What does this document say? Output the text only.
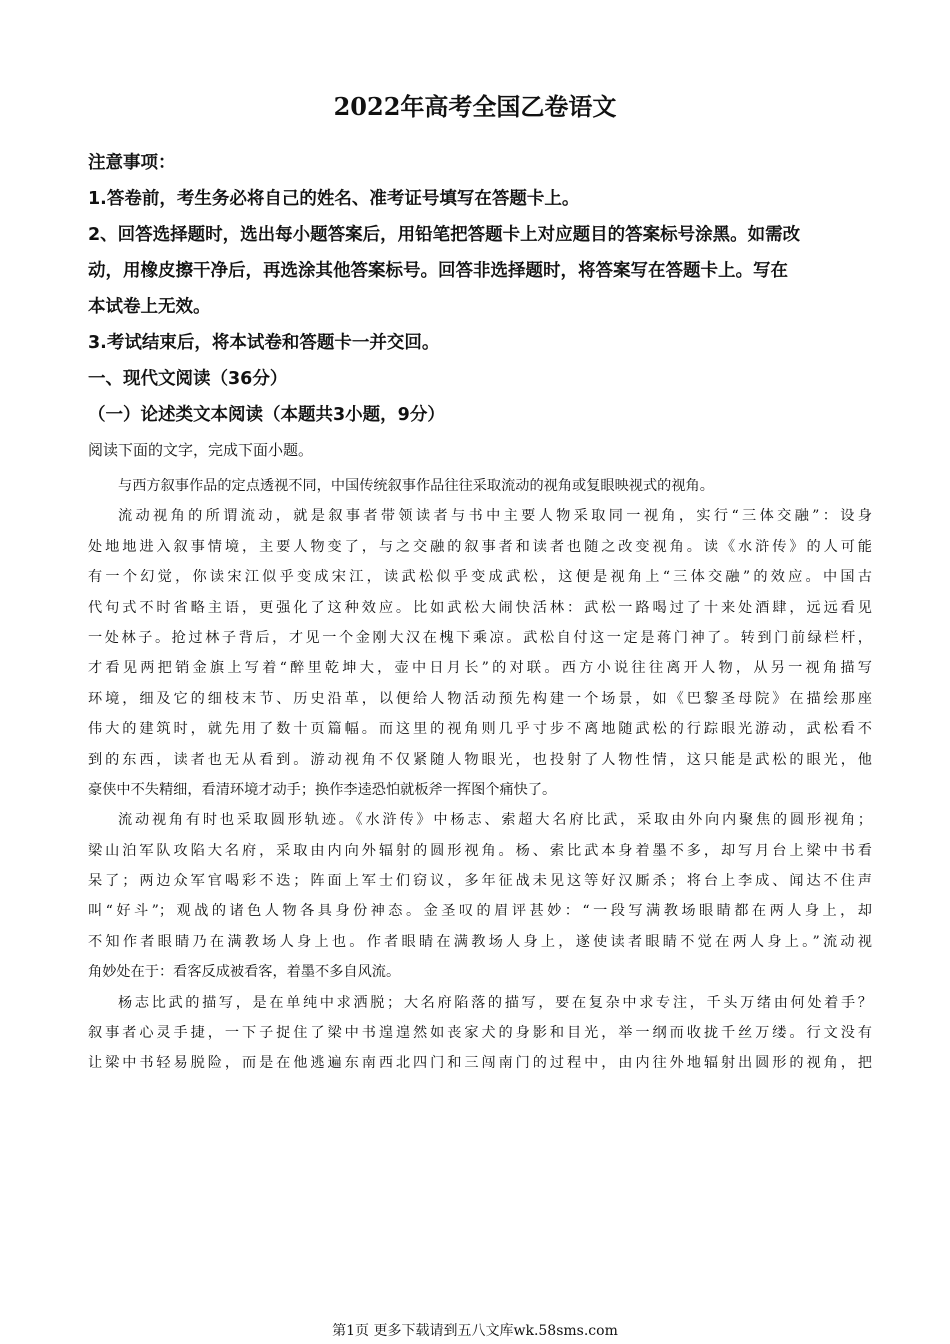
2022年高考全国乙卷语文
注意事项：
1.答卷前，考生务必将自己的姓名、准考证号填写在答题卡上。
2、回答选择题时，选出每小题答案后，用铅笔把答题卡上对应题目的答案标号涂黑。如需改
动，用橡皮擦干净后，再选涂其他答案标号。回答非选择题时，将答案写在答题卡上。写在
本试卷上无效。
3.考试结束后，将本试卷和答题卡一并交回。
一、现代文阅读（36分）
（一）论述类文本阅读（本题共3小题，9分）
阅读下面的文字，完成下面小题。
与西方叙事作品的定点透视不同，中国传统叙事作品往往采取流动的视角或复眼映视式的视角。
流动视角的所谓流动，就是叙事者带领读者与书中主要人物采取同一视角，实行“三体交融”：设身
处地地进入叙事情境，主要人物变了，与之交融的叙事者和读者也随之改变视角。读《水浒传》的人可能
有一个幻觉，你读宋江似乎变成宋江，读武松似乎变成武松，这便是视角上“三体交融”的效应。中国古
代句式不时省略主语，更强化了这种效应。比如武松大闹快活林：武松一路喝过了十来处酒肆，远远看见
一处林子。抢过林子背后，才见一个金刚大汉在槐下乘凉。武松自付这一定是蒋门神了。转到门前绿栏杆，
才看见两把销金旗上写着“醉里乾坤大，壶中日月长”的对联。西方小说往往离开人物，从另一视角描写
环境，细及它的细枝末节、历史沿革，以便给人物活动预先构建一个场景，如《巴黎圣母院》在描绘那座
伟大的建筑时，就先用了数十页篇幅。而这里的视角则几乎寸步不离地随武松的行踪眼光游动，武松看不
到的东西，读者也无从看到。游动视角不仅紧随人物眼光，也投射了人物性情，这只能是武松的眼光，他
豪侠中不失精细，看清环境才动手；换作李逵恐怕就板斧一挥图个痛快了。
流动视角有时也采取圆形轨迹。《水浒传》中杨志、索超大名府比武，采取由外向内聚焦的圆形视角；
梁山泊军队攻陷大名府，采取由内向外辐射的圆形视角。杨、索比武本身着墨不多，却写月台上梁中书看
呆了；两边众军官喝彩不迭；阵面上军士们窃议，多年征战未见这等好汉厮杀；将台上李成、闻达不住声
叫“好斗”；观战的诸色人物各具身份神态。金圣叹的眉评甚妙：“一段写满教场眼睛都在两人身上，却
不知作者眼睛乃在满教场人身上也。作者眼睛在满教场人身上，遂使读者眼睛不觉在两人身上。”流动视
角妙处在于：看客反成被看客，着墨不多自风流。
杨志比武的描写，是在单纯中求洒脱；大名府陷落的描写，要在复杂中求专注，千头万绪由何处着手？
叙事者心灵手捷，一下子捉住了梁中书遑遑然如丧家犬的身影和目光，举一纲而收拢千丝万缕。行文没有
让梁中书轻易脱险，而是在他逃遍东南西北四门和三闯南门的过程中，由内往外地辐射出圆形的视角，把
第1页 更多下载请到五八文库wk.58sms.com
